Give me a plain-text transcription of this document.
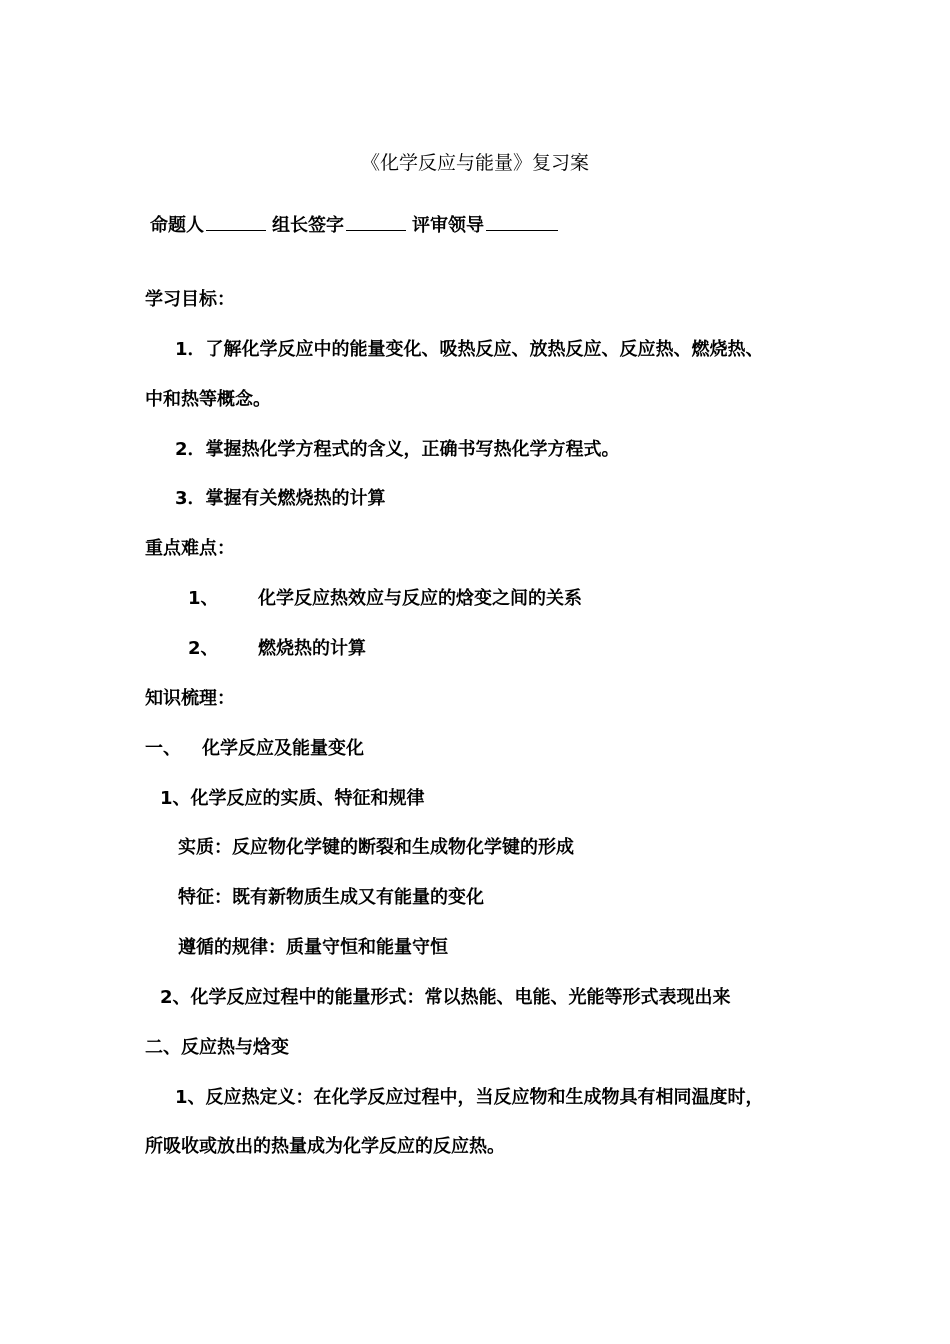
《化学反应与能量》复习案
命题人	组长签字	评审领导
学习目标：
1．了解化学反应中的能量变化、吸热反应、放热反应、反应热、燃烧热、
中和热等概念。
2．掌握热化学方程式的含义，正确书写热化学方程式。
3．掌握有关燃烧热的计算
重点难点：
1、 化学反应热效应与反应的焓变之间的关系
2、 燃烧热的计算
知识梳理：
一、 化学反应及能量变化
1、化学反应的实质、特征和规律
实质：反应物化学键的断裂和生成物化学键的形成
特征：既有新物质生成又有能量的变化
遵循的规律：质量守恒和能量守恒
2、化学反应过程中的能量形式：常以热能、电能、光能等形式表现出来
二、反应热与焓变
1、反应热定义：在化学反应过程中，当反应物和生成物具有相同温度时，
所吸收或放出的热量成为化学反应的反应热。
